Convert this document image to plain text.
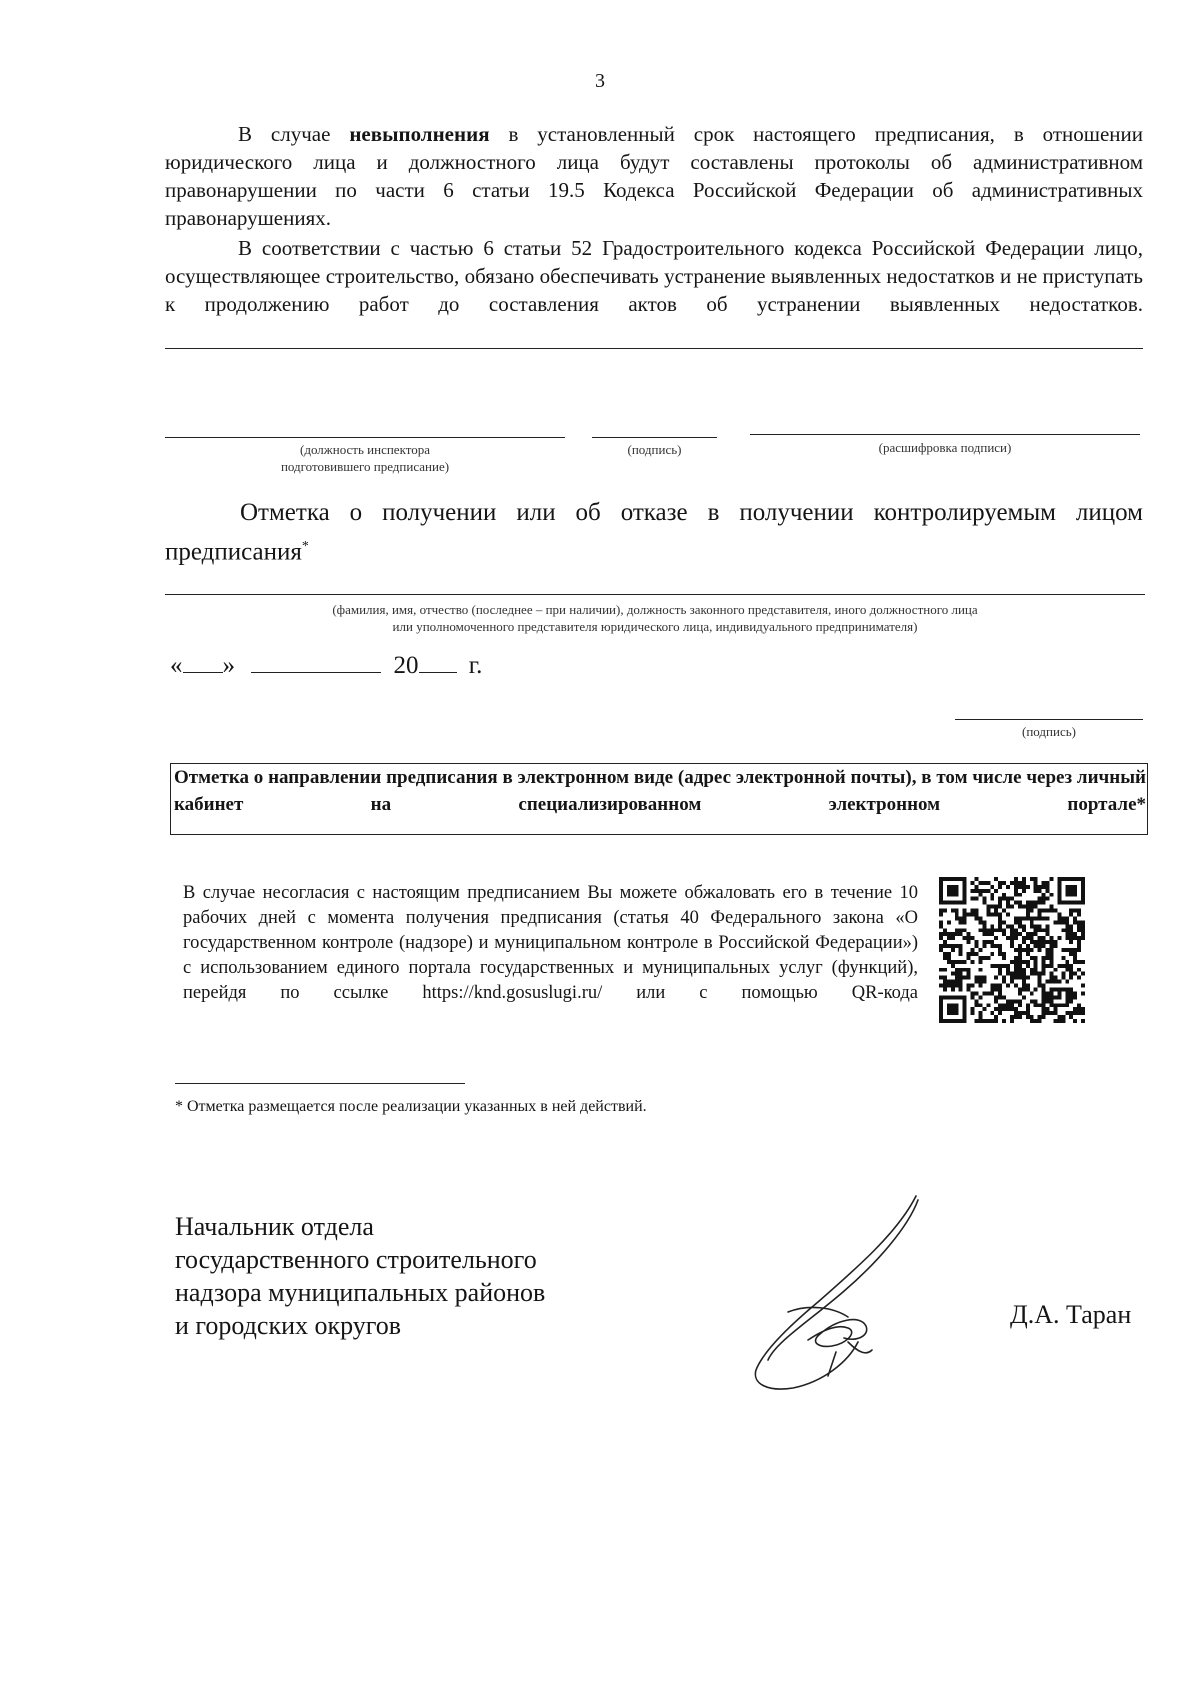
3
В случае невыполнения в установленный срок настоящего предписания, в отношении юридического лица и должностного лица будут составлены протоколы об административном правонарушении по части 6 статьи 19.5 Кодекса Российской Федерации об административных правонарушениях.
В соответствии с частью 6 статьи 52 Градостроительного кодекса Российской Федерации лицо, осуществляющее строительство, обязано обеспечивать устранение выявленных недостатков и не приступать к продолжению работ до составления актов об устранении выявленных недостатков.
(должность инспектора
подготовившего предписание)
(подпись)	(расшифровка подписи)
Отметка о получении или об отказе в получении контролируемым лицом предписания*
(фамилия, имя, отчество (последнее – при наличии), должность законного представителя, иного должностного лица
или уполномоченного представителя юридического лица, индивидуального предпринимателя)
« »	20 г.
(подпись)
Отметка о направлении предписания в электронном виде (адрес электронной почты), в том числе через личный кабинет на специализированном электронном портале*
В случае несогласия с настоящим предписанием Вы можете обжаловать его в течение 10 рабочих дней с момента получения предписания (статья 40 Федерального закона «О государственном контроле (надзоре) и муниципальном контроле в Российской Федерации») с использованием единого портала государственных и муниципальных услуг (функций), перейдя по ссылке https://knd.gosuslugi.ru/ или с помощью QR-кода
* Отметка размещается после реализации указанных в ней действий.
Начальник отдела
государственного строительного
надзора муниципальных районов
и городских округов	Д.А. Таран
